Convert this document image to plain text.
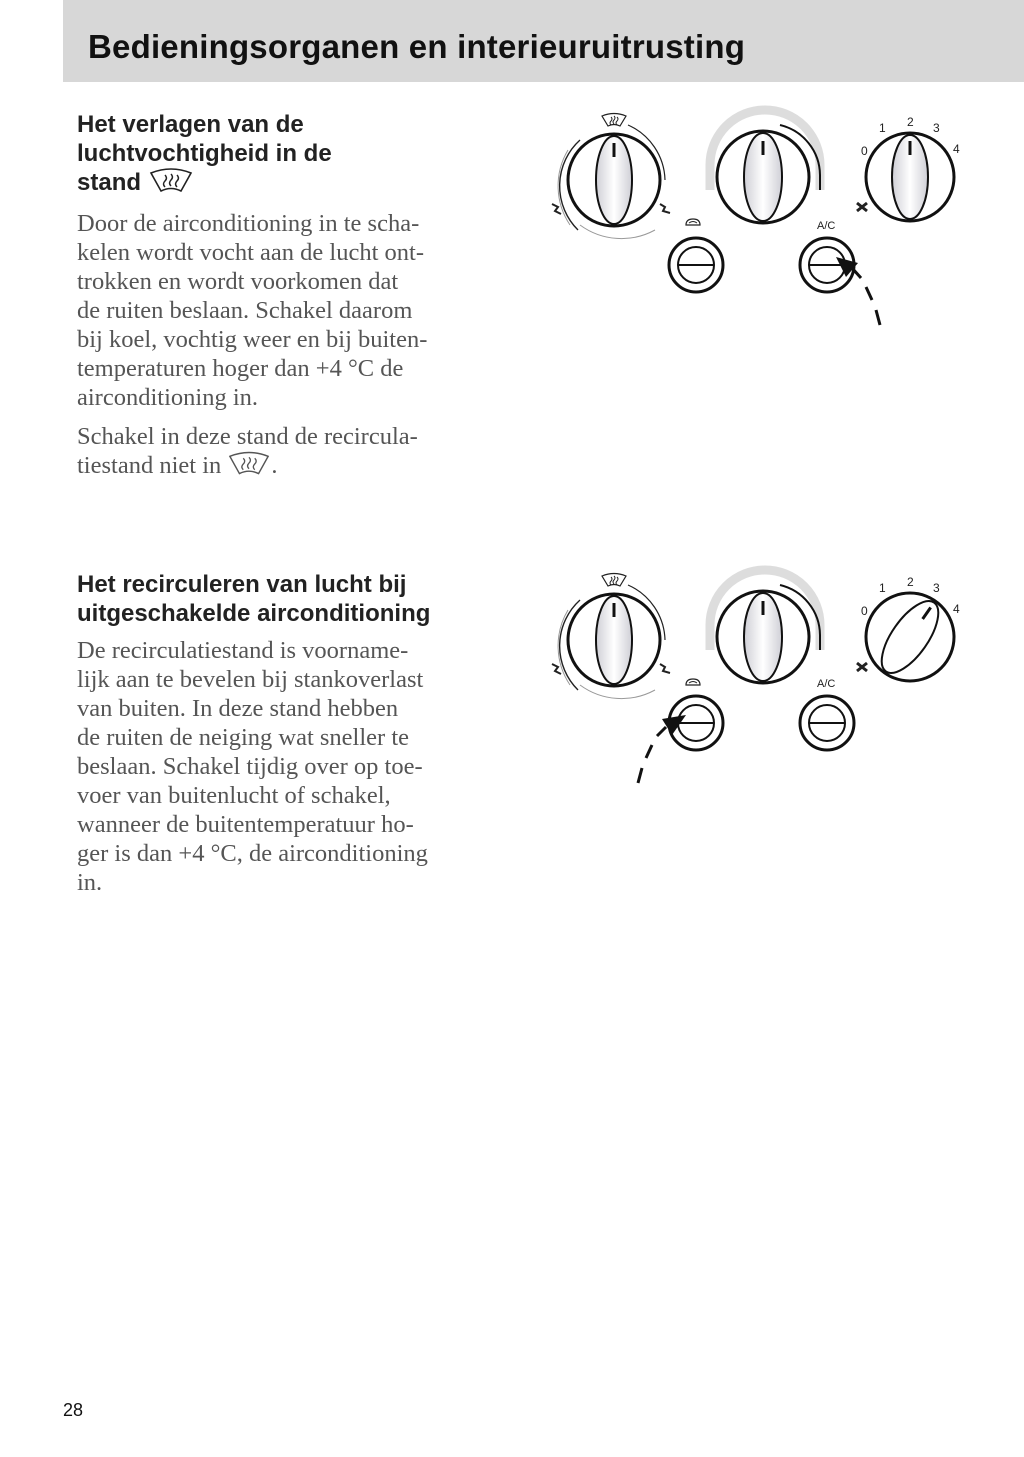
Bedieningsorganen en interieuruitrusting
Het verlagen van de
luchtvochtigheid in de
stand

Door de airconditioning in te scha-
kelen wordt vocht aan de lucht ont-
trokken en wordt voorkomen dat
de ruiten beslaan. Schakel daarom
bij koel, vochtig weer en bij buiten-
temperaturen hoger dan +4 °C de
airconditioning in.

Schakel in deze stand de recircula-
tiestand niet in .

Het recirculeren van lucht bij
uitgeschakelde airconditioning

De recirculatiestand is voorname-
lijk aan te bevelen bij stankoverlast
van buiten. In deze stand hebben
de ruiten de neiging wat sneller te
beslaan. Schakel tijdig over op toe-
voer van buitenlucht of schakel,
wanneer de buitentemperatuur ho-
ger is dan +4 °C, de airconditioning
in.

0
1 2 3
4
A/C
0
1 2 3
4
A/C

28
